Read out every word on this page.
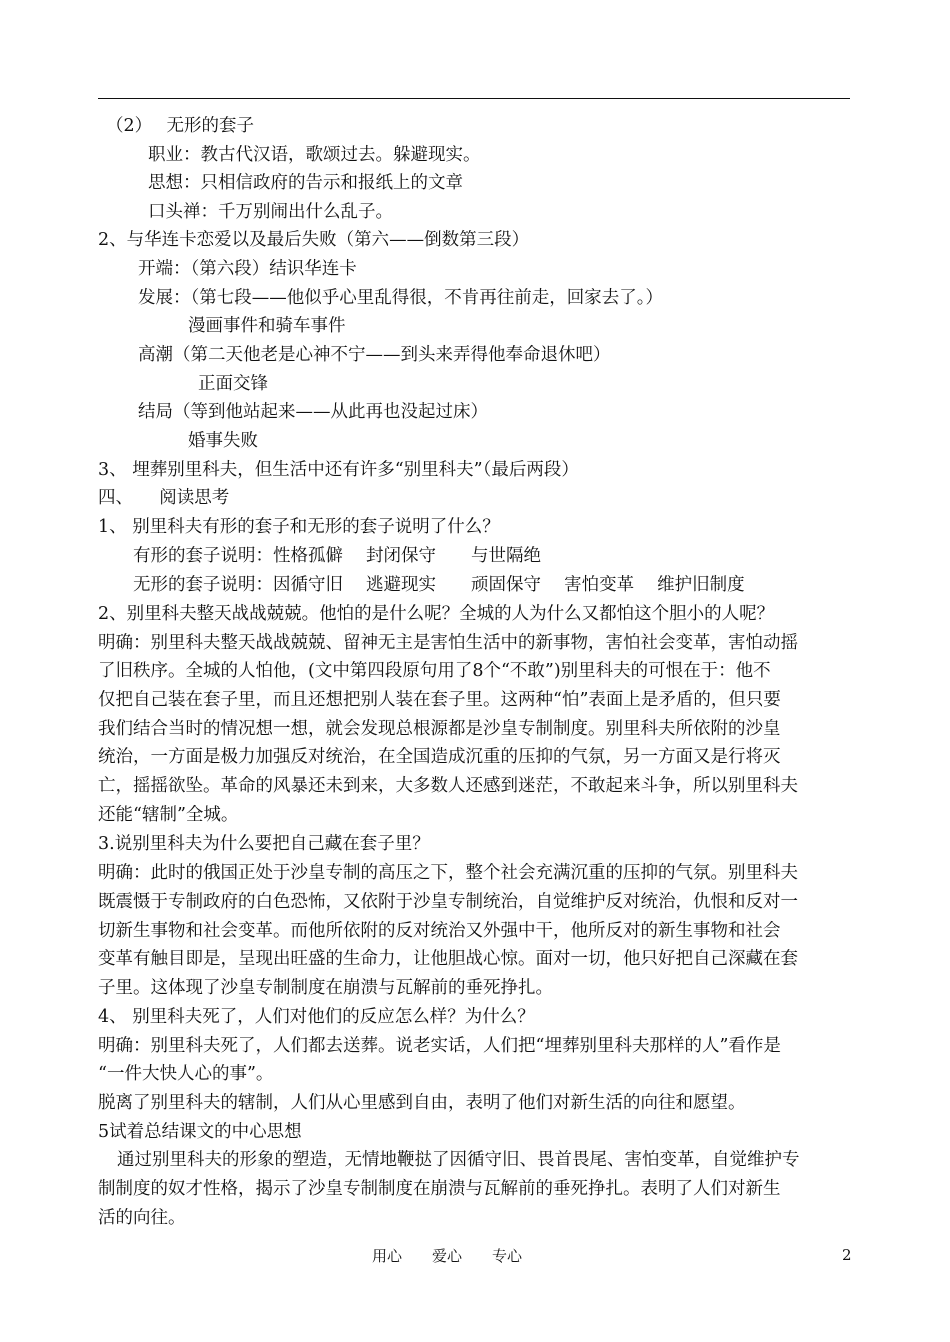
（2）　 无形的套子
职业：教古代汉语，歌颂过去。躲避现实。
思想：只相信政府的告示和报纸上的文章
口头禅：千万别闹出什么乱子。
2、与华连卡恋爱以及最后失败（第六——倒数第三段）
开端：（第六段）结识华连卡
发展：（第七段——他似乎心里乱得很，不肯再往前走，回家去了。）
漫画事件和骑车事件
高潮（第二天他老是心神不宁——到头来弄得他奉命退休吧）
正面交锋
结局（等到他站起来——从此再也没起过床）
婚事失败
3、 埋葬别里科夫，但生活中还有许多“别里科夫”（最后两段）
四、　　阅读思考
1、 别里科夫有形的套子和无形的套子说明了什么？
有形的套子说明：性格孤僻　 封闭保守　　与世隔绝
无形的套子说明：因循守旧　 逃避现实　　顽固保守　 害怕变革　 维护旧制度
2、别里科夫整天战战兢兢。他怕的是什么呢？全城的人为什么又都怕这个胆小的人呢？
明确：别里科夫整天战战兢兢、留神无主是害怕生活中的新事物，害怕社会变革，害怕动摇
了旧秩序。全城的人怕他，(文中第四段原句用了8个“不敢”)别里科夫的可恨在于：他不
仅把自己装在套子里，而且还想把别人装在套子里。这两种“怕”表面上是矛盾的，但只要
我们结合当时的情况想一想，就会发现总根源都是沙皇专制制度。别里科夫所依附的沙皇
统治，一方面是极力加强反对统治，在全国造成沉重的压抑的气氛，另一方面又是行将灭
亡，摇摇欲坠。革命的风暴还未到来，大多数人还感到迷茫，不敢起来斗争，所以别里科夫
还能“辖制”全城。
3.说别里科夫为什么要把自己藏在套子里？
明确：此时的俄国正处于沙皇专制的高压之下，整个社会充满沉重的压抑的气氛。别里科夫
既震慑于专制政府的白色恐怖，又依附于沙皇专制统治，自觉维护反对统治，仇恨和反对一
切新生事物和社会变革。而他所依附的反对统治又外强中干，他所反对的新生事物和社会
变革有触目即是，呈现出旺盛的生命力，让他胆战心惊。面对一切，他只好把自己深藏在套
子里。这体现了沙皇专制制度在崩溃与瓦解前的垂死挣扎。
4、 别里科夫死了，人们对他们的反应怎么样？为什么？
明确：别里科夫死了，人们都去送葬。说老实话，人们把“埋葬别里科夫那样的人”看作是
“一件大快人心的事”。
脱离了别里科夫的辖制，人们从心里感到自由，表明了他们对新生活的向往和愿望。
5试着总结课文的中心思想
通过别里科夫的形象的塑造，无情地鞭挞了因循守旧、畏首畏尾、害怕变革，自觉维护专
制制度的奴才性格，揭示了沙皇专制制度在崩溃与瓦解前的垂死挣扎。表明了人们对新生
活的向往。
用心　　爱心　　专心	2
